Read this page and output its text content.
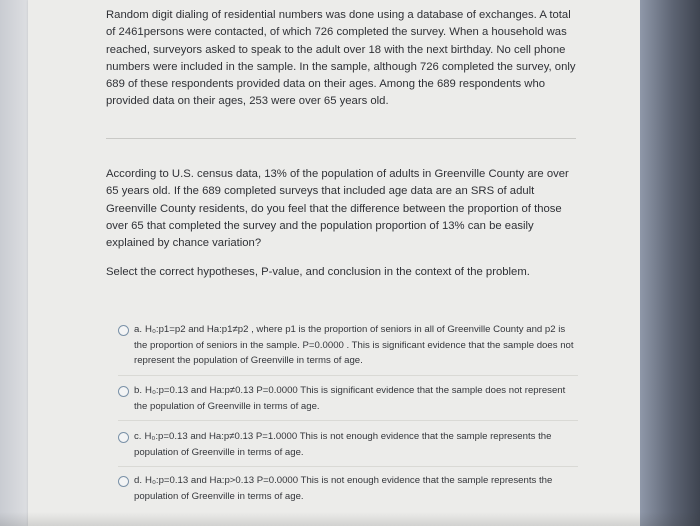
Random digit dialing of residential numbers was done using a database of exchanges. A total of 2461persons were contacted, of which 726 completed the survey. When a household was reached, surveyors asked to speak to the adult over 18 with the next birthday. No cell phone numbers were included in the sample. In the sample, although 726 completed the survey, only 689 of these respondents provided data on their ages. Among the 689 respondents who provided data on their ages, 253 were over 65 years old.

According to U.S. census data, 13% of the population of adults in Greenville County are over 65 years old. If the 689 completed surveys that included age data are an SRS of adult Greenville County residents, do you feel that the difference between the proportion of those over 65 that completed the survey and the population proportion of 13% can be easily explained by chance variation?

Select the correct hypotheses, P-value, and conclusion in the context of the problem.

a. H₀:p1=p2 and Ha:p1≠p2 , where p1 is the proportion of seniors in all of Greenville County and p2 is the proportion of seniors in the sample. P=0.0000 . This is significant evidence that the sample does not represent the population of Greenville in terms of age.
b. H₀:p=0.13 and Ha:p≠0.13 P=0.0000 This is significant evidence that the sample does not represent the population of Greenville in terms of age.
c. H₀:p=0.13 and Ha:p≠0.13 P=1.0000 This is not enough evidence that the sample represents the population of Greenville in terms of age.
d. H₀:p=0.13 and Ha:p>0.13 P=0.0000 This is not enough evidence that the sample represents the population of Greenville in terms of age.
